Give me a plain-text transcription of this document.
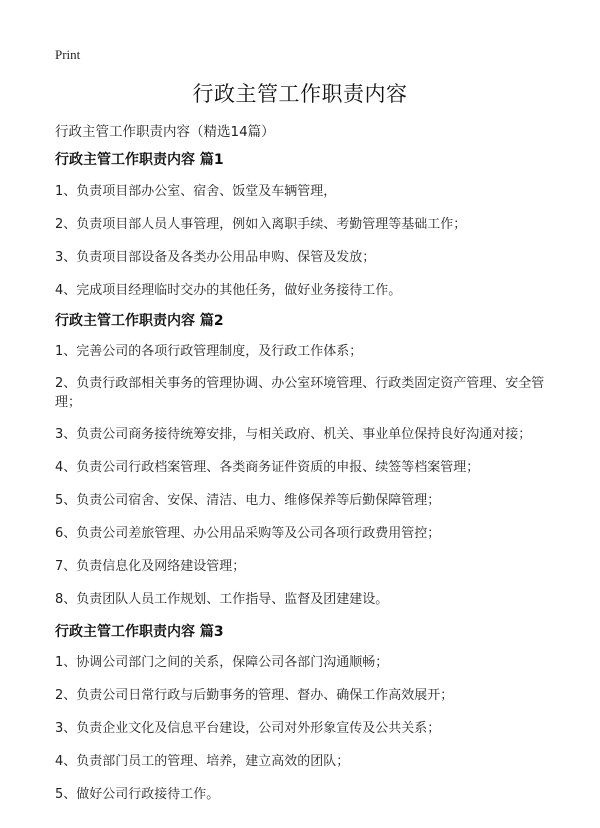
Print
行政主管工作职责内容
行政主管工作职责内容（精选14篇）
行政主管工作职责内容 篇1

1、负责项目部办公室、宿舍、饭堂及车辆管理，

2、负责项目部人员人事管理，例如入离职手续、考勤管理等基础工作；

3、负责项目部设备及各类办公用品申购、保管及发放；

4、完成项目经理临时交办的其他任务，做好业务接待工作。

行政主管工作职责内容 篇2

1、完善公司的各项行政管理制度，及行政工作体系；

2、负责行政部相关事务的管理协调、办公室环境管理、行政类固定资产管理、安全管理；

3、负责公司商务接待统筹安排，与相关政府、机关、事业单位保持良好沟通对接；

4、负责公司行政档案管理、各类商务证件资质的申报、续签等档案管理；

5、负责公司宿舍、安保、清洁、电力、维修保养等后勤保障管理；

6、负责公司差旅管理、办公用品采购等及公司各项行政费用管控；

7、负责信息化及网络建设管理；

8、负责团队人员工作规划、工作指导、监督及团建建设。

行政主管工作职责内容 篇3

1、协调公司部门之间的关系，保障公司各部门沟通顺畅；

2、负责公司日常行政与后勤事务的管理、督办、确保工作高效展开；

3、负责企业文化及信息平台建设，公司对外形象宣传及公共关系；

4、负责部门员工的管理、培养，建立高效的团队；

5、做好公司行政接待工作。
